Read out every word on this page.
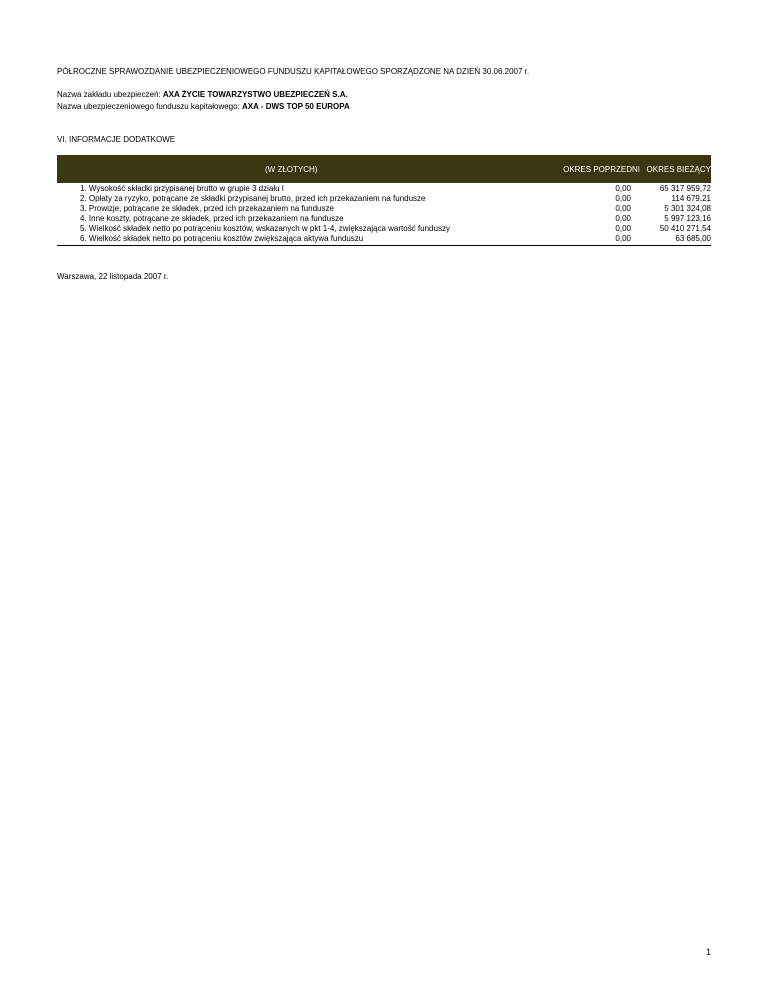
PÓŁROCZNE SPRAWOZDANIE UBEZPIECZENIOWEGO FUNDUSZU KAPITAŁOWEGO SPORZĄDZONE NA DZIEŃ 30.06.2007 r.
Nazwa zakładu ubezpieczeń: AXA ŻYCIE TOWARZYSTWO UBEZPIECZEŃ S.A.
Nazwa ubezpieczeniowego funduszu kapitałowego: AXA - DWS TOP 50 EUROPA
VI. INFORMACJE DODATKOWE
(W ZŁOTYCH)	OKRES POPRZEDNI	OKRES BIEŻĄCY
1. Wysokość składki przypisanej brutto w grupie 3 działu I	0,00	65 317 959,72
2. Opłaty za ryzyko, potrącane ze składki przypisanej brutto, przed ich przekazaniem na fundusze	0,00	114 679,21
3. Prowizje, potrącane ze składek, przed ich przekazaniem na fundusze	0,00	5 301 324,08
4. Inne koszty, potrącane ze składek, przed ich przekazaniem na fundusze	0,00	5 997 123,16
5. Wielkość składek netto po potrąceniu kosztów, wskazanych w pkt 1-4, zwiększająca wartość funduszy	0,00	50 410 271,54
6. Wielkość składek netto po potrąceniu kosztów zwiększająca aktywa funduszu	0,00	63 685,00
Warszawa, 22 listopada 2007 r.
1
